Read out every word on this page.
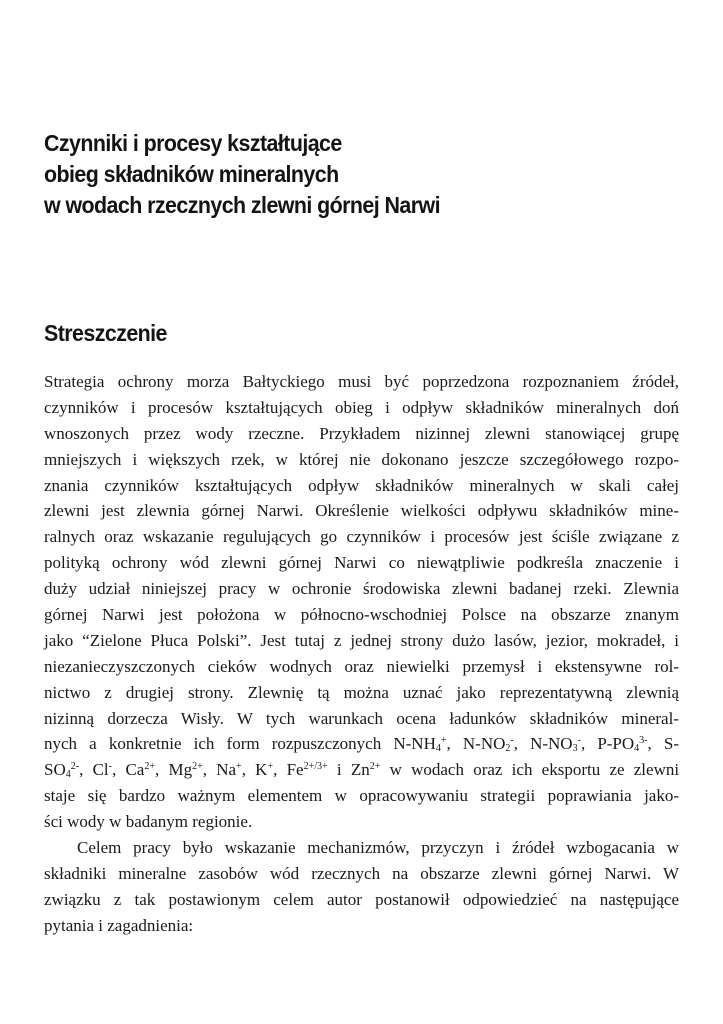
Czynniki i procesy kształtujące
obieg składników mineralnych
w wodach rzecznych zlewni górnej Narwi
Streszczenie
Strategia ochrony morza Bałtyckiego musi być poprzedzona rozpoznaniem źródeł,
czynników i procesów kształtujących obieg i odpływ składników mineralnych doń
wnoszonych przez wody rzeczne. Przykładem nizinnej zlewni stanowiącej grupę
mniejszych i większych rzek, w której nie dokonano jeszcze szczegółowego rozpo-
znania czynników kształtujących odpływ składników mineralnych w skali całej
zlewni jest zlewnia górnej Narwi. Określenie wielkości odpływu składników mine-
ralnych oraz wskazanie regulujących go czynników i procesów jest ściśle związane z
polityką ochrony wód zlewni górnej Narwi co niewątpliwie podkreśla znaczenie i
duży udział niniejszej pracy w ochronie środowiska zlewni badanej rzeki. Zlewnia
górnej Narwi jest położona w północno-wschodniej Polsce na obszarze znanym
jako “Zielone Płuca Polski”. Jest tutaj z jednej strony dużo lasów, jezior, mokradeł, i
niezanieczyszczonych cieków wodnych oraz niewielki przemysł i ekstensywne rol-
nictwo z drugiej strony. Zlewnię tą można uznać jako reprezentatywną zlewnią
nizinną dorzecza Wisły. W tych warunkach ocena ładunków składników mineral-
nych a konkretnie ich form rozpuszczonych $N-NH_4^+$, $N-NO_2^-$, $N-NO_3^-$, $P-PO_4^{3-}$, S-
$SO_4^{2-}$, Cl-, $Ca^{2+}$, $Mg^{2+}$, Na+, K+, $Fe^{2+/3+}$ i $Zn^{2+}$ w wodach oraz ich eksportu ze zlewni
staje się bardzo ważnym elementem w opracowywaniu strategii poprawiania jako-
ści wody w badanym regionie.
Celem pracy było wskazanie mechanizmów, przyczyn i źródeł wzbogacania w
składniki mineralne zasobów wód rzecznych na obszarze zlewni górnej Narwi. W
związku z tak postawionym celem autor postanowił odpowiedzieć na następujące
pytania i zagadnienia:
